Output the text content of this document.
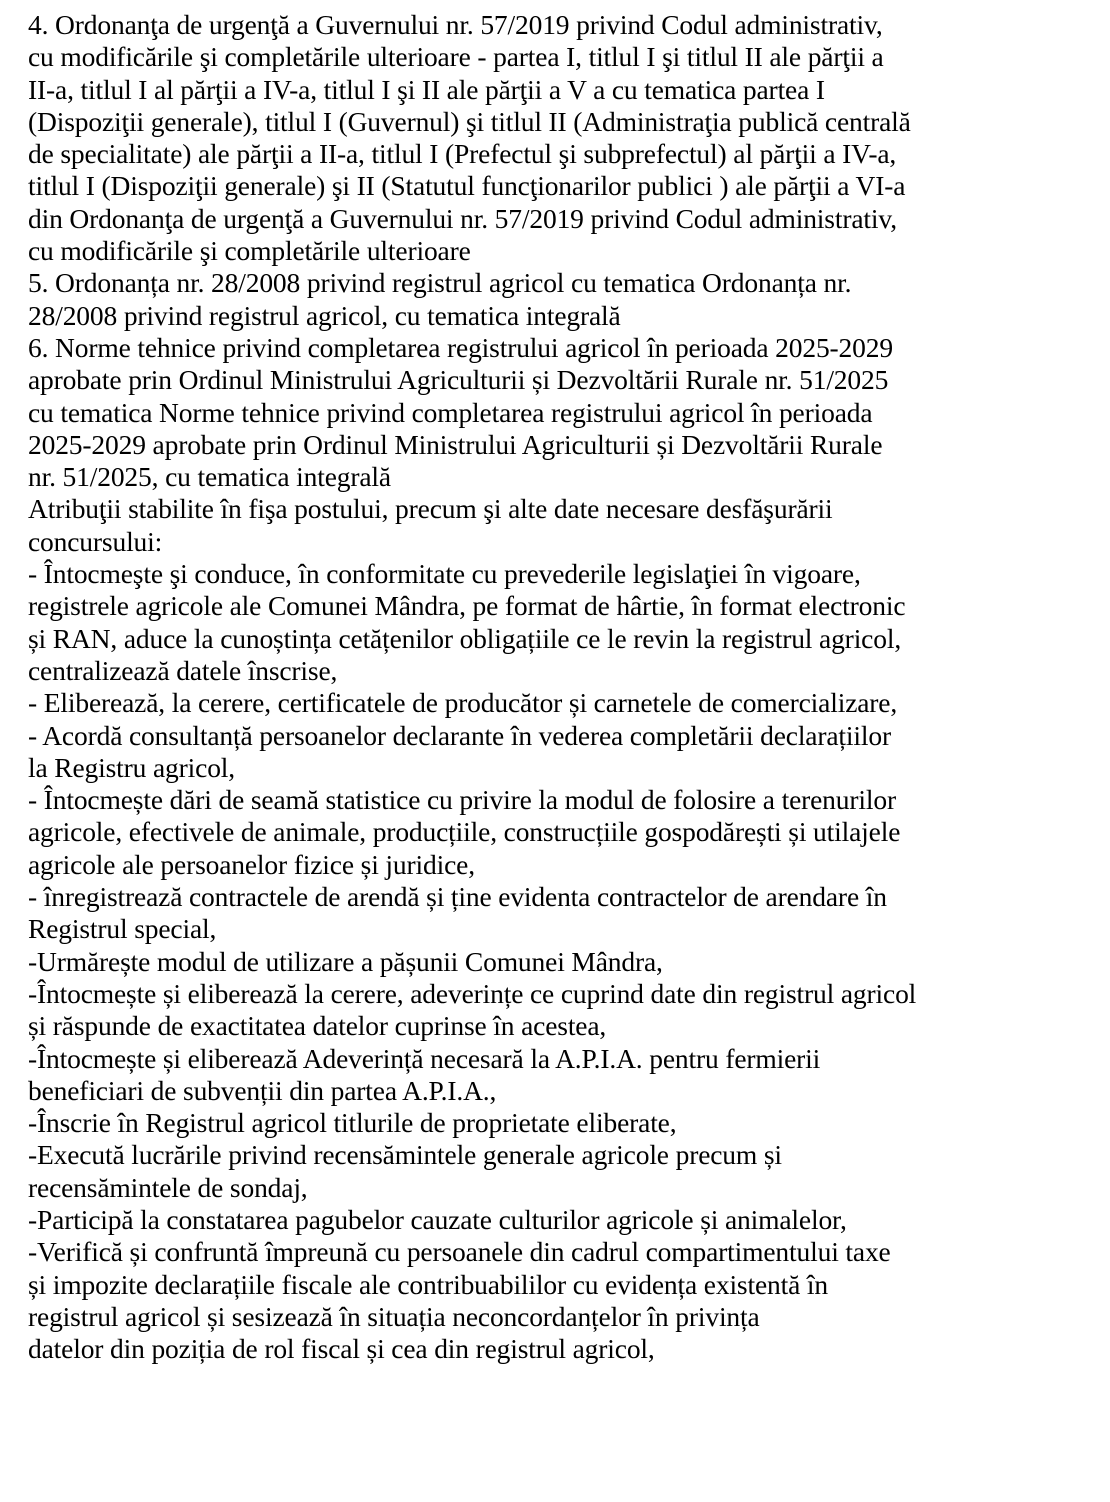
4. Ordonanţa de urgenţă a Guvernului nr. 57/2019 privind Codul administrativ,
cu modificările şi completările ulterioare - partea I, titlul I şi titlul II ale părţii a
II-a, titlul I al părţii a IV-a, titlul I şi II ale părţii a V a cu tematica partea I
(Dispoziţii generale), titlul I (Guvernul) şi titlul II (Administraţia publică centrală
de specialitate) ale părţii a II-a, titlul I (Prefectul şi subprefectul) al părţii a IV-a,
titlul I (Dispoziţii generale) şi II (Statutul funcţionarilor publici ) ale părţii a VI-a
din Ordonanţa de urgenţă a Guvernului nr. 57/2019 privind Codul administrativ,
cu modificările şi completările ulterioare
5. Ordonanța nr. 28/2008 privind registrul agricol cu tematica Ordonanța nr.
28/2008 privind registrul agricol, cu tematica integrală
6. Norme tehnice privind completarea registrului agricol în perioada 2025-2029
aprobate prin Ordinul Ministrului Agriculturii și Dezvoltării Rurale nr. 51/2025
cu tematica Norme tehnice privind completarea registrului agricol în perioada
2025-2029 aprobate prin Ordinul Ministrului Agriculturii și Dezvoltării Rurale
nr. 51/2025, cu tematica integrală
Atribuţii stabilite în fişa postului, precum şi alte date necesare desfăşurării
concursului:
- Întocmeşte şi conduce, în conformitate cu prevederile legislaţiei în vigoare,
registrele agricole ale Comunei Mândra, pe format de hârtie, în format electronic
și RAN, aduce la cunoștința cetățenilor obligațiile ce le revin la registrul agricol,
centralizează datele înscrise,
- Eliberează, la cerere, certificatele de producător și carnetele de comercializare,
- Acordă consultanță persoanelor declarante în vederea completării declarațiilor
la Registru agricol,
- Întocmește dări de seamă statistice cu privire la modul de folosire a terenurilor
agricole, efectivele de animale, producțiile, construcțiile gospodărești și utilajele
agricole ale persoanelor fizice și juridice,
- înregistrează contractele de arendă și ține evidenta contractelor de arendare în
Registrul special,
-Urmărește modul de utilizare a pășunii Comunei Mândra,
-Întocmește și eliberează la cerere, adeverințe ce cuprind date din registrul agricol
și răspunde de exactitatea datelor cuprinse în acestea,
-Întocmește și eliberează Adeverință necesară la A.P.I.A. pentru fermierii
beneficiari de subvenții din partea A.P.I.A.,
-Înscrie în Registrul agricol titlurile de proprietate eliberate,
-Execută lucrările privind recensămintele generale agricole precum și
recensămintele de sondaj,
-Participă la constatarea pagubelor cauzate culturilor agricole și animalelor,
-Verifică și confruntă împreună cu persoanele din cadrul compartimentului taxe
și impozite declarațiile fiscale ale contribuabililor cu evidența existentă în
registrul agricol și sesizează în situația neconcordanțelor în privința
datelor din poziția de rol fiscal și cea din registrul agricol,
